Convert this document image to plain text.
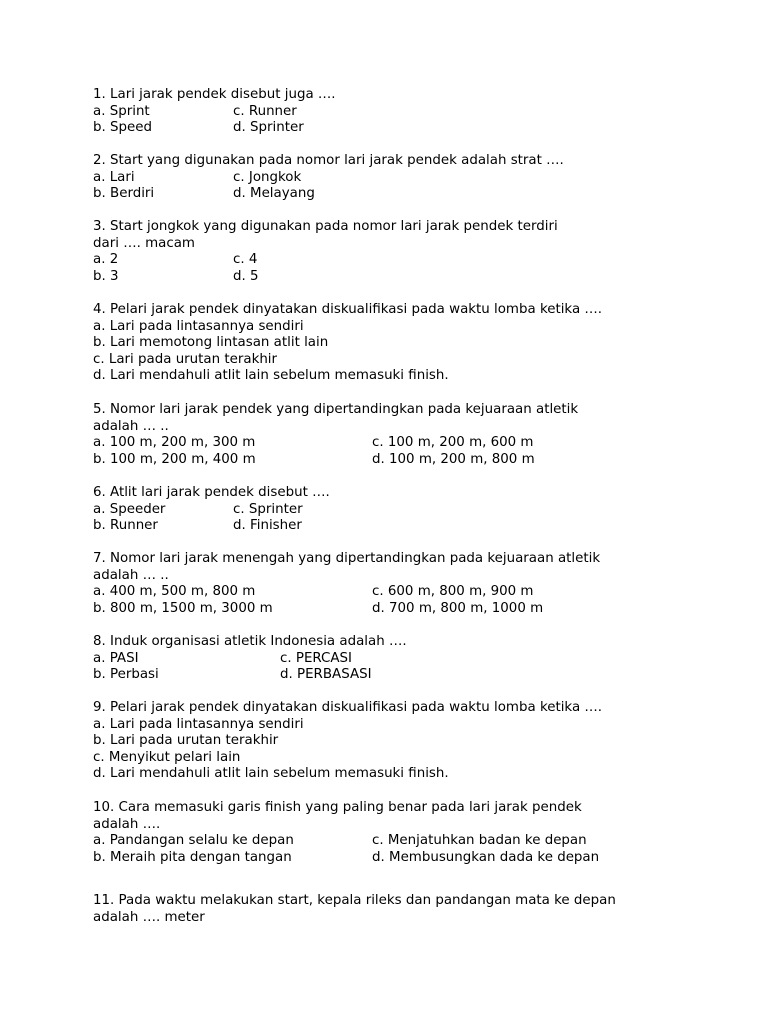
1. Lari jarak pendek disebut juga ….
a. Sprint	c. Runner
b. Speed	d. Sprinter
2. Start yang digunakan pada nomor lari jarak pendek adalah strat ….
a. Lari	c. Jongkok
b. Berdiri	d. Melayang
3. Start jongkok yang digunakan pada nomor lari jarak pendek terdiri
dari …. macam
a. 2	c. 4
b. 3	d. 5
4. Pelari jarak pendek dinyatakan diskualifikasi pada waktu lomba ketika ….
a. Lari pada lintasannya sendiri
b. Lari memotong lintasan atlit lain
c. Lari pada urutan terakhir
d. Lari mendahuli atlit lain sebelum memasuki finish.
5. Nomor lari jarak pendek yang dipertandingkan pada kejuaraan atletik
adalah … ..
a. 100 m, 200 m, 300 m	c. 100 m, 200 m, 600 m
b. 100 m, 200 m, 400 m	d. 100 m, 200 m, 800 m
6. Atlit lari jarak pendek disebut ….
a. Speeder	c. Sprinter
b. Runner	d. Finisher
7. Nomor lari jarak menengah yang dipertandingkan pada kejuaraan atletik
adalah … ..
a. 400 m, 500 m, 800 m	c. 600 m, 800 m, 900 m
b. 800 m, 1500 m, 3000 m	d. 700 m, 800 m, 1000 m
8. Induk organisasi atletik Indonesia adalah ….
a. PASI	c. PERCASI
b. Perbasi	d. PERBASASI
9. Pelari jarak pendek dinyatakan diskualifikasi pada waktu lomba ketika ….
a. Lari pada lintasannya sendiri
b. Lari pada urutan terakhir
c. Menyikut pelari lain
d. Lari mendahuli atlit lain sebelum memasuki finish.
10. Cara memasuki garis finish yang paling benar pada lari jarak pendek
adalah ….
a. Pandangan selalu ke depan	c. Menjatuhkan badan ke depan
b. Meraih pita dengan tangan	d. Membusungkan dada ke depan
11. Pada waktu melakukan start, kepala rileks dan pandangan mata ke depan
adalah …. meter
